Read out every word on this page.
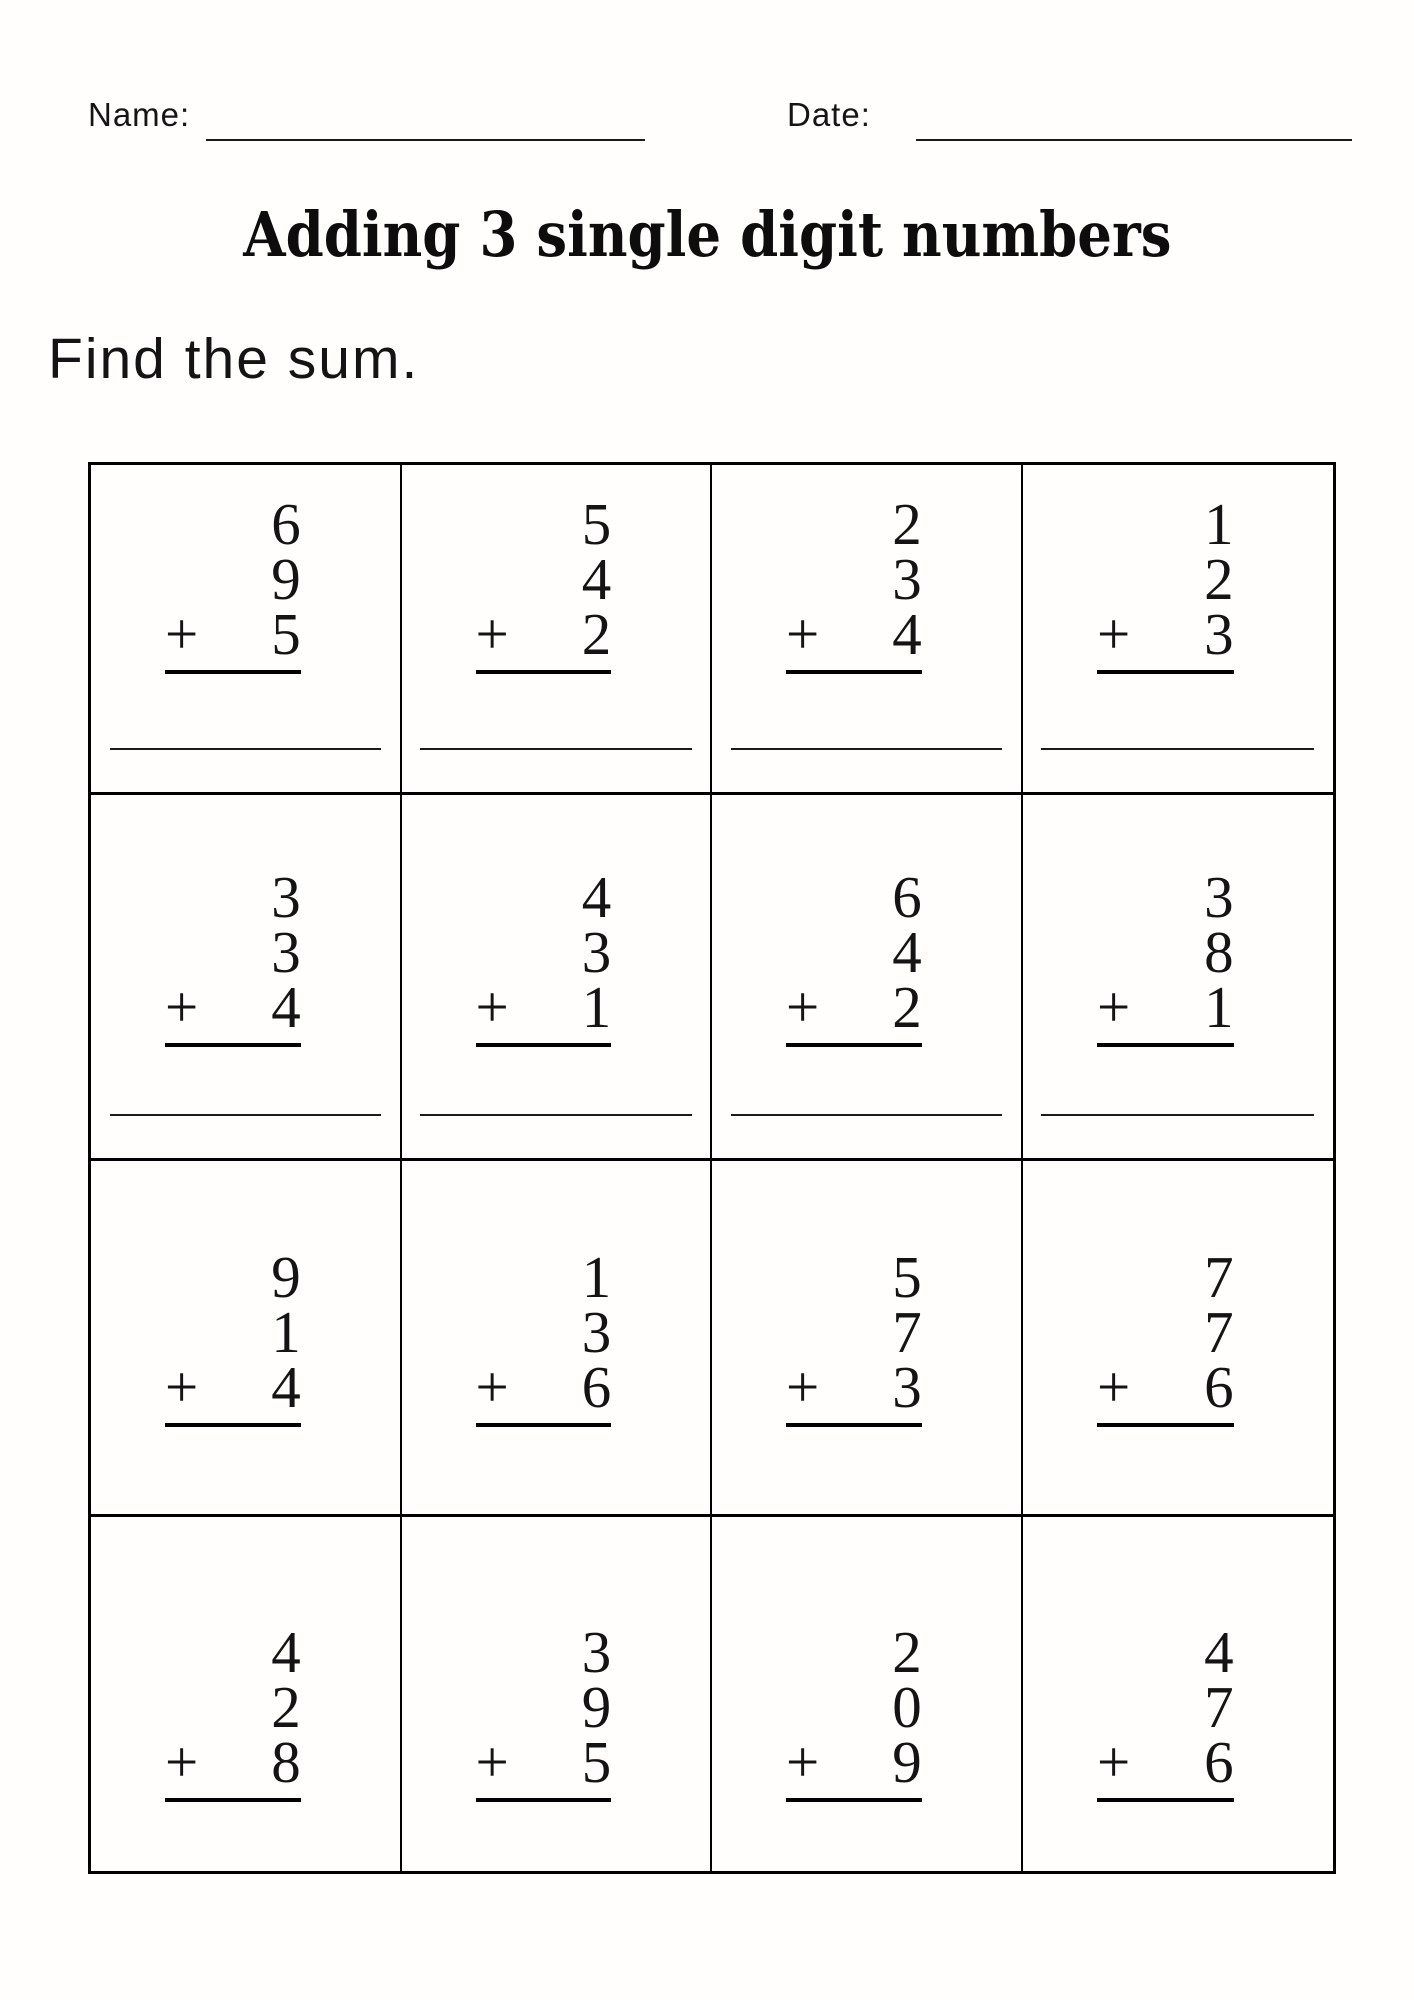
Name:	Date:
Adding 3 single digit numbers
Find the sum.
6
9
+ 5
5
4
+ 2
2
3
+ 4
1
2
+ 3
3
3
+ 4
4
3
+ 1
6
4
+ 2
3
8
+ 1
9
1
+ 4
1
3
+ 6
5
7
+ 3
7
7
+ 6
4
2
+ 8
3
9
+ 5
2
0
+ 9
4
7
+ 6
